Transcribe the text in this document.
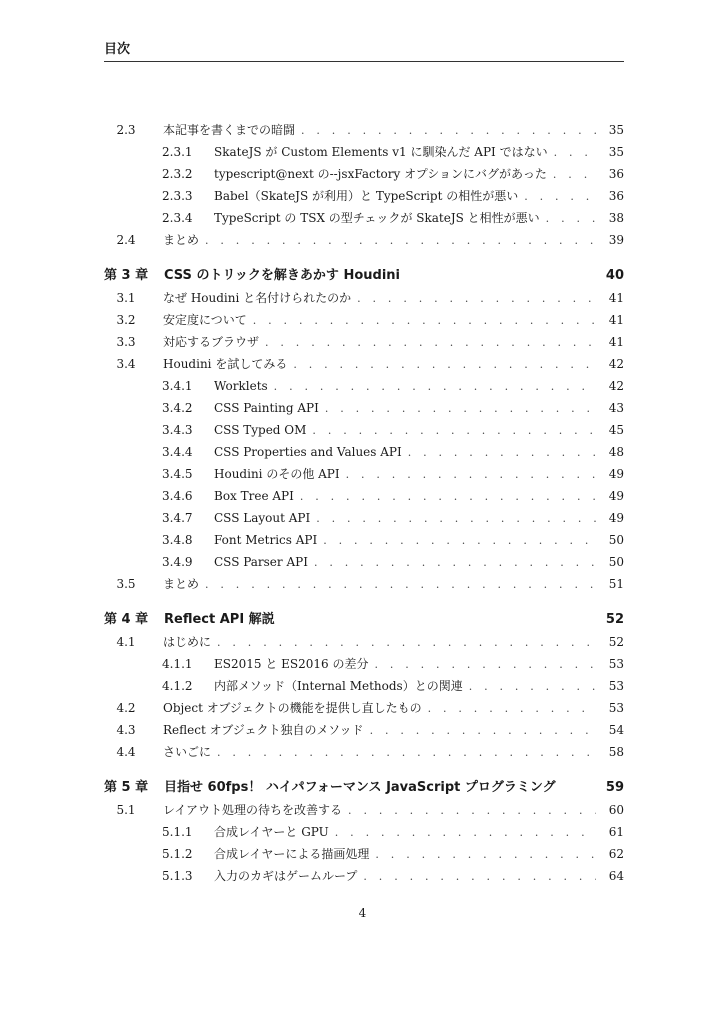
目次
2.3	本記事を書くまでの暗闘 . . .	35
2.3.1	SkateJS が Custom Elements v1 に馴染んだ API ではない . . .	35
2.3.2	typescript@next の--jsxFactory オプションにバグがあった . . .	36
2.3.3	Babel（SkateJS が利用）と TypeScript の相性が悪い . . .	36
2.3.4	TypeScript の TSX の型チェックが SkateJS と相性が悪い . . .	38
2.4	まとめ . . .	39
第 3 章	CSS のトリックを解きあかす Houdini	40
3.1	なぜ Houdini と名付けられたのか . . .	41
3.2	安定度について . . .	41
3.3	対応するブラウザ . . .	41
3.4	Houdini を試してみる . . .	42
3.4.1	Worklets . . .	42
3.4.2	CSS Painting API . . .	43
3.4.3	CSS Typed OM . . .	45
3.4.4	CSS Properties and Values API . . .	48
3.4.5	Houdini のその他 API . . .	49
3.4.6	Box Tree API . . .	49
3.4.7	CSS Layout API . . .	49
3.4.8	Font Metrics API . . .	50
3.4.9	CSS Parser API . . .	50
3.5	まとめ . . .	51
第 4 章	Reflect API 解説	52
4.1	はじめに . . .	52
4.1.1	ES2015 と ES2016 の差分 . . .	53
4.1.2	内部メソッド（Internal Methods）との関連 . . .	53
4.2	Object オブジェクトの機能を提供し直したもの . . .	53
4.3	Reflect オブジェクト独自のメソッド . . .	54
4.4	さいごに . . .	58
第 5 章	目指せ 60fps！ ハイパフォーマンス JavaScript プログラミング	59
5.1	レイアウト処理の待ちを改善する . . .	60
5.1.1	合成レイヤーと GPU . . .	61
5.1.2	合成レイヤーによる描画処理 . . .	62
5.1.3	入力のカギはゲームループ . . .	64
4
